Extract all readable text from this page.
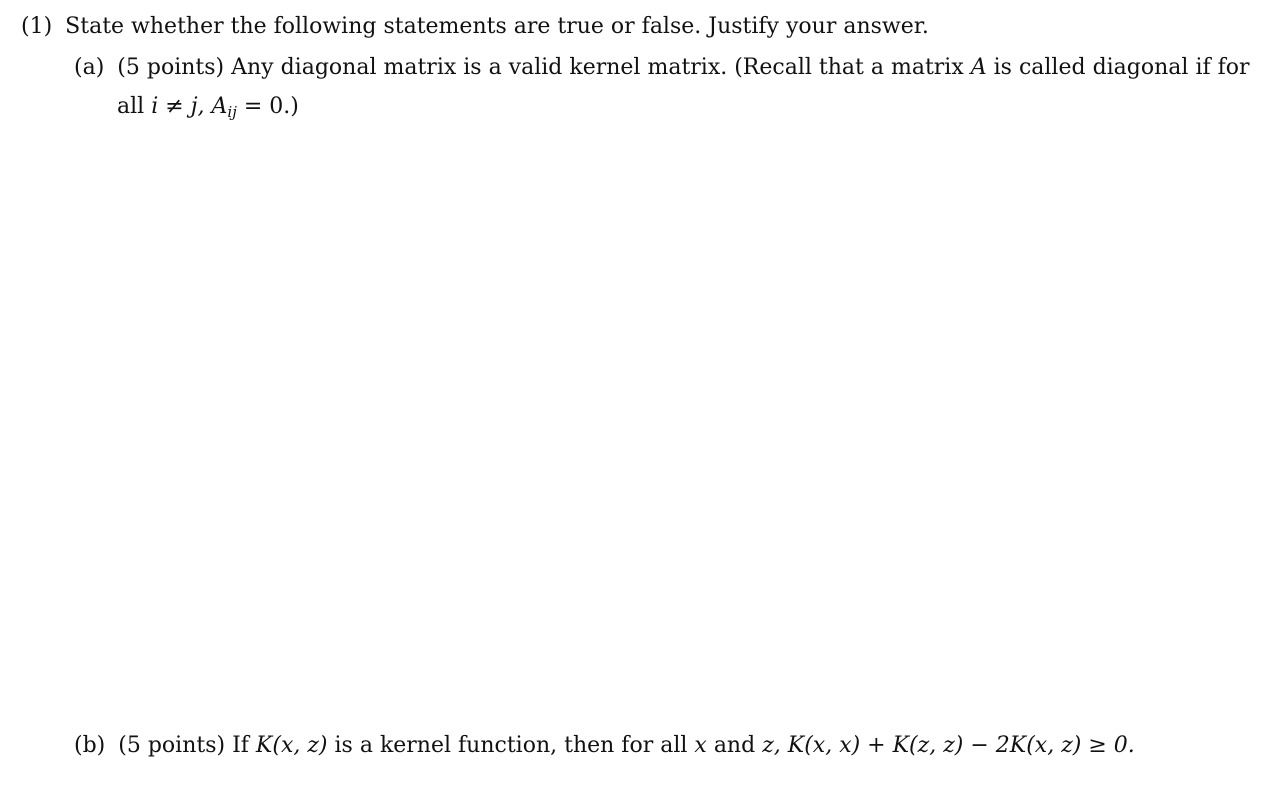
(1) State whether the following statements are true or false. Justify your answer.
(a) (5 points) Any diagonal matrix is a valid kernel matrix. (Recall that a matrix A is called diagonal if for
all i ≠ j, $A_{ij} = 0$.)
(b) (5 points) If K(x, z) is a kernel function, then for all x and z, K(x, x) + K(z, z) − 2K(x, z) ≥ 0.
